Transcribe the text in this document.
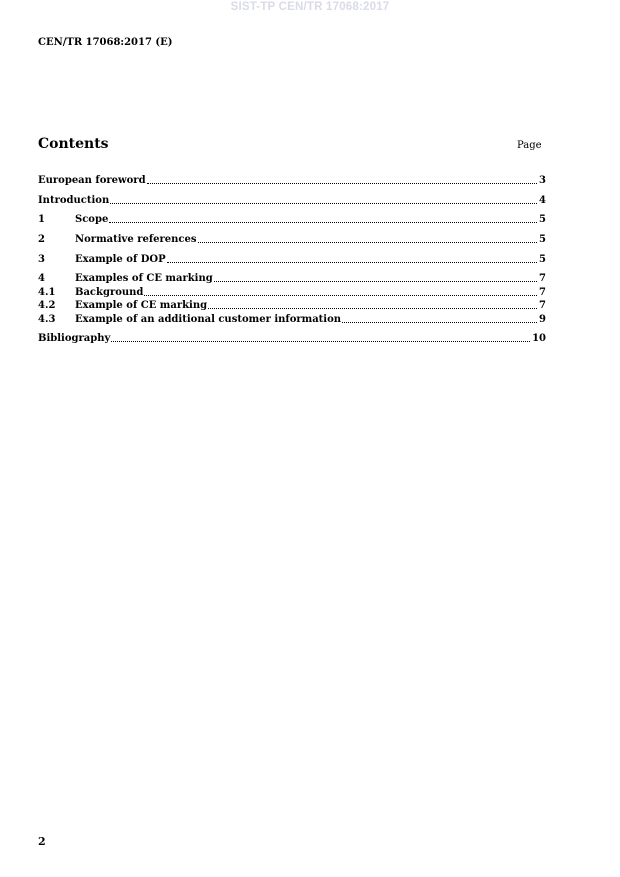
SIST-TP CEN/TR 17068:2017
CEN/TR 17068:2017 (E)
Contents	Page
European foreword	3
Introduction	4
1	Scope	5
2	Normative references	5
3	Example of DOP	5
4	Examples of CE marking	7
4.1	Background	7
4.2	Example of CE marking	7
4.3	Example of an additional customer information	9
Bibliography	10
2
